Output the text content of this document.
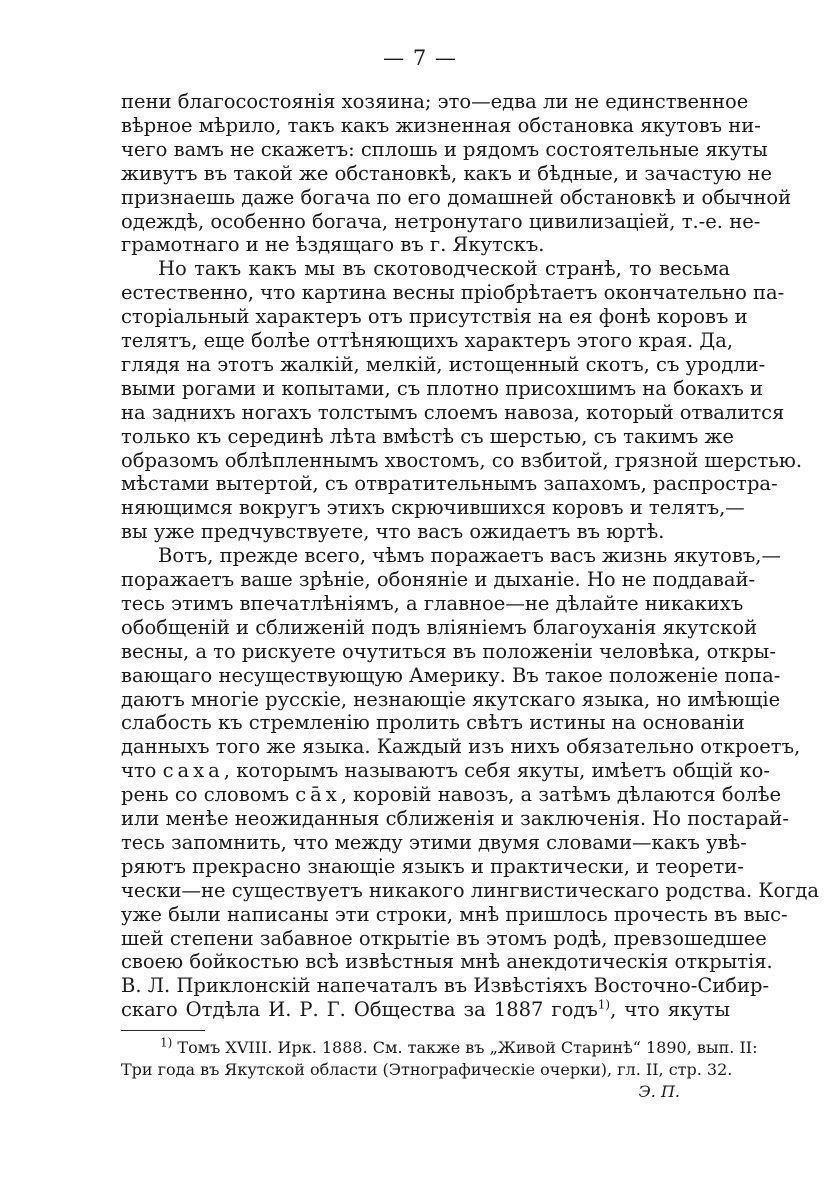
— 7 —
пени благосостоянія хозяина; это—едва ли не единственное
вѣрное мѣрило, такъ какъ жизненная обстановка якутовъ ни-
чего вамъ не скажетъ: сплошь и рядомъ состоятельные якуты
живутъ въ такой же обстановкѣ, какъ и бѣдные, и зачастую не
признаешь даже богача по его домашней обстановкѣ и обычной
одеждѣ, особенно богача, нетронутаго цивилизаціей, т.-е. не-
грамотнаго и не ѣздящаго въ г. Якутскъ.
Но такъ какъ мы въ скотоводческой странѣ, то весьма
естественно, что картина весны пріобрѣтаетъ окончательно па-
сторіальный характеръ отъ присутствія на ея фонѣ коровъ и
телятъ, еще болѣе оттѣняющихъ характеръ этого края. Да,
глядя на этотъ жалкій, мелкій, истощенный скотъ, съ уродли-
выми рогами и копытами, съ плотно присохшимъ на бокахъ и
на заднихъ ногахъ толстымъ слоемъ навоза, который отвалится
только къ серединѣ лѣта вмѣстѣ съ шерстью, съ такимъ же
образомъ облѣпленнымъ хвостомъ, со взбитой, грязной шерстью.
мѣстами вытертой, съ отвратительнымъ запахомъ, распростра-
няющимся вокругъ этихъ скрючившихся коровъ и телятъ,—
вы уже предчувствуете, что васъ ожидаетъ въ юртѣ.
Вотъ, прежде всего, чѣмъ поражаетъ васъ жизнь якутовъ,—
поражаетъ ваше зрѣніе, обоняніе и дыханіе. Но не поддавай-
тесь этимъ впечатлѣніямъ, а главное—не дѣлайте никакихъ
обобщеній и сближеній подъ вліяніемъ благоуханія якутской
весны, а то рискуете очутиться въ положеніи человѣка, откры-
вающаго несуществующую Америку. Въ такое положеніе попа-
даютъ многіе русскіе, незнающіе якутскаго языка, но имѣющіе
слабость къ стремленію пролить свѣтъ истины на основаніи
данныхъ того же языка. Каждый изъ нихъ обязательно откроетъ,
что сaха, которымъ называютъ себя якуты, имѣетъ общій ко-
рень со словомъ сāх, коровій навозъ, а затѣмъ дѣлаются болѣе
или менѣе неожиданныя сближенія и заключенія. Но постарай-
тесь запомнить, что между этими двумя словами—какъ увѣ-
ряютъ прекрасно знающіе языкъ и практически, и теорети-
чески—не существуетъ никакого лингвистическаго родства. Когда
уже были написаны эти строки, мнѣ пришлось прочесть въ выс-
шей степени забавное открытіе въ этомъ родѣ, превзошедшее
своею бойкостью всѣ извѣстныя мнѣ анекдотическія открытія.
В. Л. Приклонскій напечаталъ въ Извѣстіяхъ Восточно-Сибир-
скаго Отдѣла И. Р. Г. Общества за 1887 годъ$^{1)}$, что якуты
$^{1)}$ Томъ XVIII. Ирк. 1888. См. также въ „Живой Старинѣ“ 1890, вып. II:
Три года въ Якутской области (Этнографическіе очерки), гл. II, стр. 32.
Э. П.
